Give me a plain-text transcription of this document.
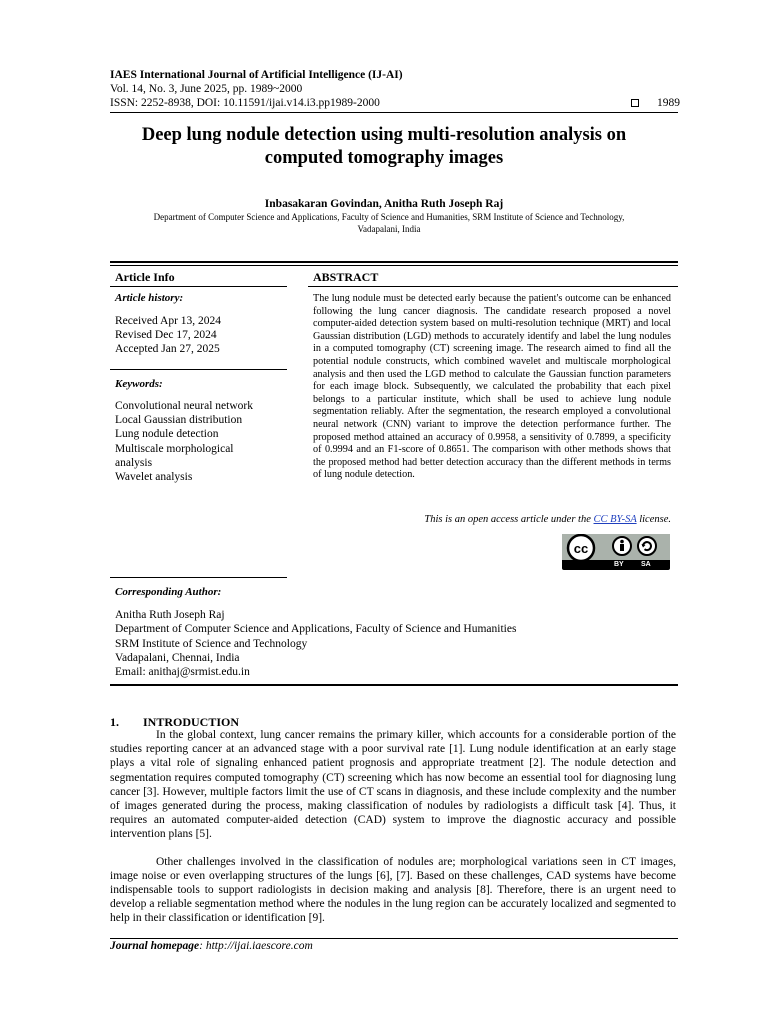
IAES International Journal of Artificial Intelligence (IJ-AI)
Vol. 14, No. 3, June 2025, pp. 1989~2000
ISSN: 2252-8938, DOI: 10.11591/ijai.v14.i3.pp1989-2000	1989
Deep lung nodule detection using multi-resolution analysis on
computed tomography images
Inbasakaran Govindan, Anitha Ruth Joseph Raj
Department of Computer Science and Applications, Faculty of Science and Humanities, SRM Institute of Science and Technology,
Vadapalani, India
Article Info
Article history:
Received Apr 13, 2024
Revised Dec 17, 2024
Accepted Jan 27, 2025
Keywords:
Convolutional neural network
Local Gaussian distribution
Lung nodule detection
Multiscale morphological
analysis
Wavelet analysis
ABSTRACT
The lung nodule must be detected early because the patient's outcome can be enhanced following the lung cancer diagnosis. The candidate research proposed a novel computer-aided detection system based on multi-resolution technique (MRT) and local Gaussian distribution (LGD) methods to accurately identify and label the lung nodules in a computed tomography (CT) screening image. The research aimed to find all the potential nodule constructs, which combined wavelet and multiscale morphological analysis and then used the LGD method to calculate the Gaussian function parameters for each image block. Subsequently, we calculated the probability that each pixel belongs to a particular institute, which shall be used to achieve lung nodule segmentation reliably. After the segmentation, the research employed a convolutional neural network (CNN) variant to improve the detection performance further. The proposed method attained an accuracy of 0.9958, a sensitivity of 0.7899, a specificity of 0.9994 and an F1-score of 0.8651. The comparison with other methods shows that the proposed method had better detection accuracy than the different methods in terms of lung nodule detection.
This is an open access article under the CC BY-SA license.
cc
BY SA
Corresponding Author:
Anitha Ruth Joseph Raj
Department of Computer Science and Applications, Faculty of Science and Humanities
SRM Institute of Science and Technology
Vadapalani, Chennai, India
Email: anithaj@srmist.edu.in
1.  INTRODUCTION

In the global context, lung cancer remains the primary killer, which accounts for a considerable portion of the studies reporting cancer at an advanced stage with a poor survival rate [1]. Lung nodule identification at an early stage plays a vital role of signaling enhanced patient prognosis and appropriate treatment [2]. The nodule detection and segmentation requires computed tomography (CT) screening which has now become an essential tool for diagnosing lung cancer [3]. However, multiple factors limit the use of CT scans in diagnosis, and these include complexity and the number of images generated during the process, making classification of nodules by radiologists a difficult task [4]. Thus, it requires an automated computer-aided detection (CAD) system to improve the diagnostic accuracy and possible intervention plans [5].

Other challenges involved in the classification of nodules are; morphological variations seen in CT images, image noise or even overlapping structures of the lungs [6], [7]. Based on these challenges, CAD systems have become indispensable tools to support radiologists in decision making and analysis [8]. Therefore, there is an urgent need to develop a reliable segmentation method where the nodules in the lung region can be accurately localized and segmented to help in their classification or identification [9].

Journal homepage: http://ijai.iaescore.com
